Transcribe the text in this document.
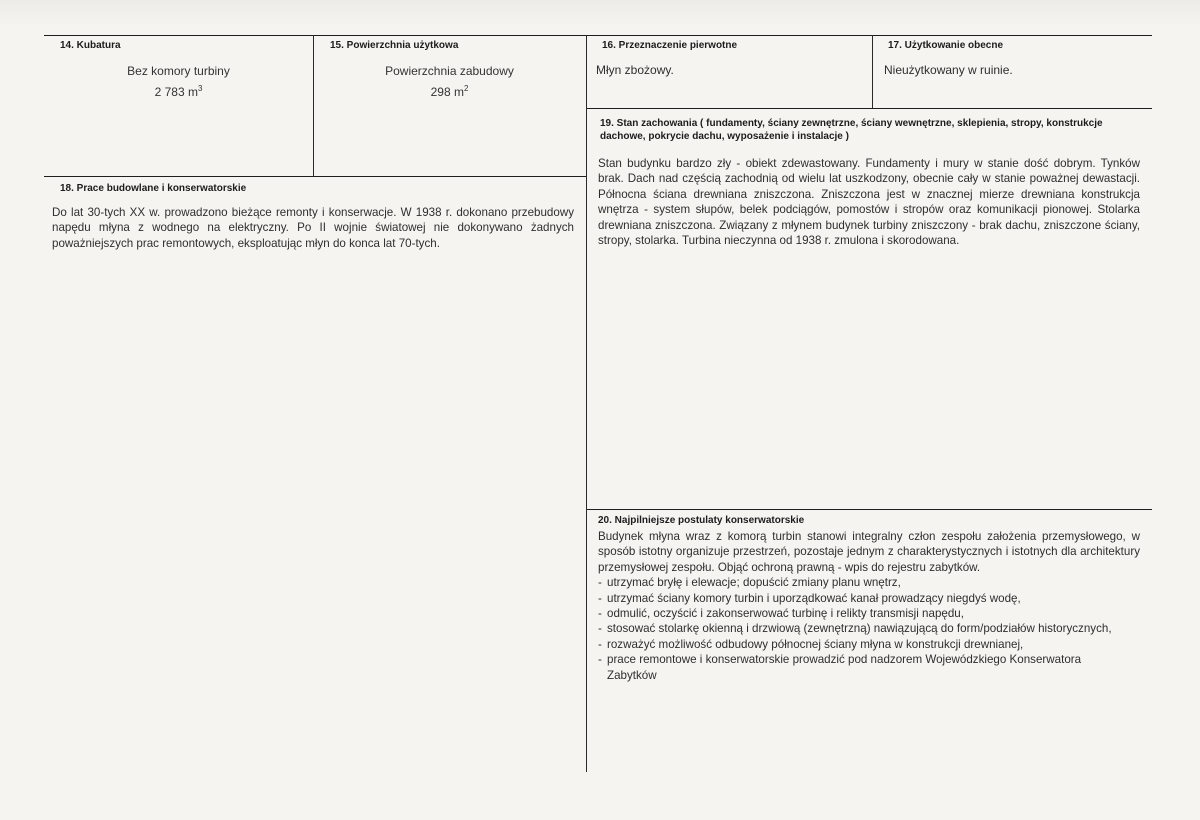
14. Kubatura
Bez komory turbiny
2 783 $m^3$
15. Powierzchnia użytkowa
Powierzchnia zabudowy
298 $m^2$
16. Przeznaczenie pierwotne
Młyn zbożowy.
17. Użytkowanie obecne
Nieużytkowany w ruinie.
18. Prace budowlane i konserwatorskie

Do lat 30-tych XX w. prowadzono bieżące remonty i konserwacje. W 1938 r. dokonano przebudowy napędu młyna z wodnego na elektryczny. Po II wojnie światowej nie dokonywano żadnych poważniejszych prac remontowych, eksploatując młyn do konca lat 70-tych.

19. Stan zachowania ( fundamenty, ściany zewnętrzne, ściany wewnętrzne, sklepienia, stropy, konstrukcje dachowe, pokrycie dachu, wyposażenie i instalacje )

Stan budynku bardzo zły - obiekt zdewastowany. Fundamenty i mury w stanie dość dobrym. Tynków brak. Dach nad częścią zachodnią od wielu lat uszkodzony, obecnie cały w stanie poważnej dewastacji. Północna ściana drewniana zniszczona. Zniszczona jest w znacznej mierze drewniana konstrukcja wnętrza - system słupów, belek podciągów, pomostów i stropów oraz komunikacji pionowej. Stolarka drewniana zniszczona. Związany z młynem budynek turbiny zniszczony - brak dachu, zniszczone ściany, stropy, stolarka. Turbina nieczynna od 1938 r. zmulona i skorodowana.

20. Najpilniejsze postulaty konserwatorskie

Budynek młyna wraz z komorą turbin stanowi integralny człon zespołu założenia przemysłowego, w sposób istotny organizuje przestrzeń, pozostaje jednym z charakterystycznych i istotnych dla architektury przemysłowej zespołu. Objąć ochroną prawną - wpis do rejestru zabytków.

- utrzymać bryłę i elewacje; dopuścić zmiany planu wnętrz,
- utrzymać ściany komory turbin i uporządkować kanał prowadzący niegdyś wodę,
- odmulić, oczyścić i zakonserwować turbinę i relikty transmisji napędu,
- stosować stolarkę okienną i drzwiową (zewnętrzną) nawiązującą do form/podziałów historycznych,
- rozważyć możliwość odbudowy północnej ściany młyna w konstrukcji drewnianej,
- prace remontowe i konserwatorskie prowadzić pod nadzorem Wojewódzkiego Konserwatora Zabytków
